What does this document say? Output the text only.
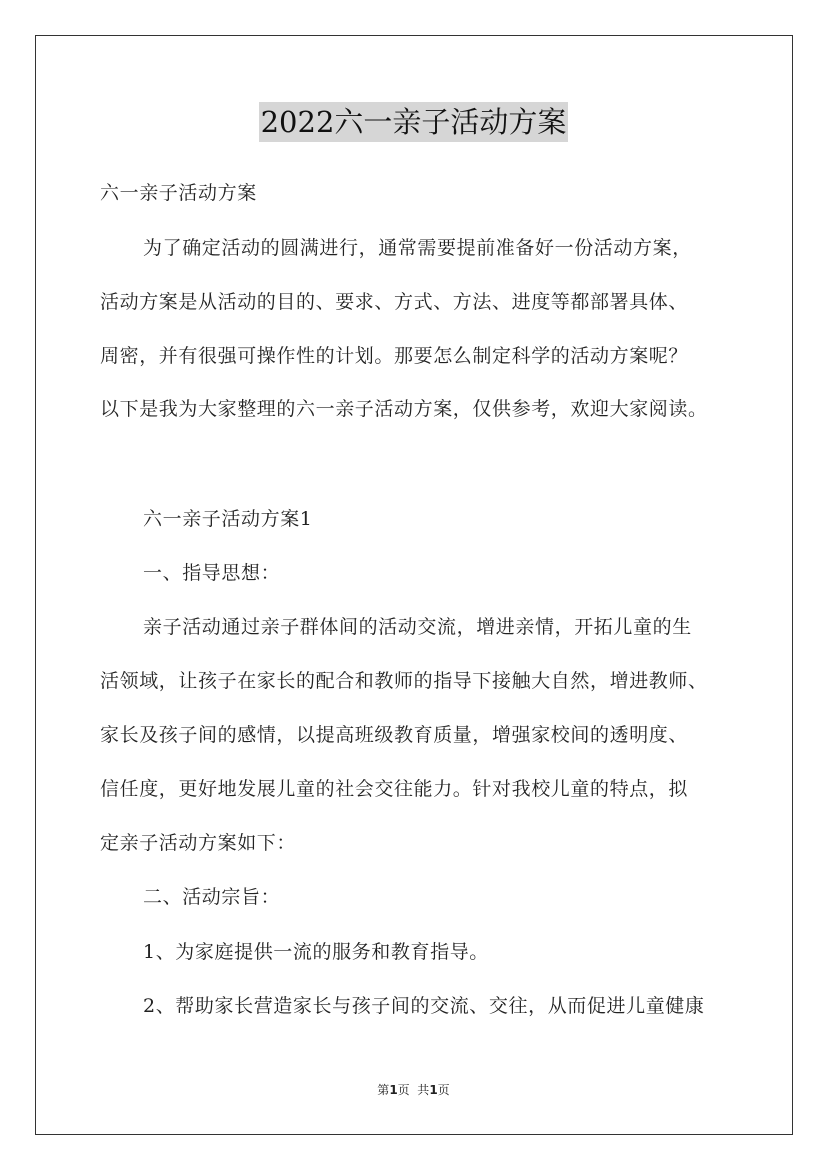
2022六一亲子活动方案
六一亲子活动方案
为了确定活动的圆满进行，通常需要提前准备好一份活动方案，
活动方案是从活动的目的、要求、方式、方法、进度等都部署具体、
周密，并有很强可操作性的计划。那要怎么制定科学的活动方案呢？
以下是我为大家整理的六一亲子活动方案，仅供参考，欢迎大家阅读。
六一亲子活动方案1
一、指导思想：
亲子活动通过亲子群体间的活动交流，增进亲情，开拓儿童的生
活领域，让孩子在家长的配合和教师的指导下接触大自然，增进教师、
家长及孩子间的感情，以提高班级教育质量，增强家校间的透明度、
信任度，更好地发展儿童的社会交往能力。针对我校儿童的特点，拟
定亲子活动方案如下：
二、活动宗旨：
1、为家庭提供一流的服务和教育指导。
2、帮助家长营造家长与孩子间的交流、交往，从而促进儿童健康
第1页  共1页
